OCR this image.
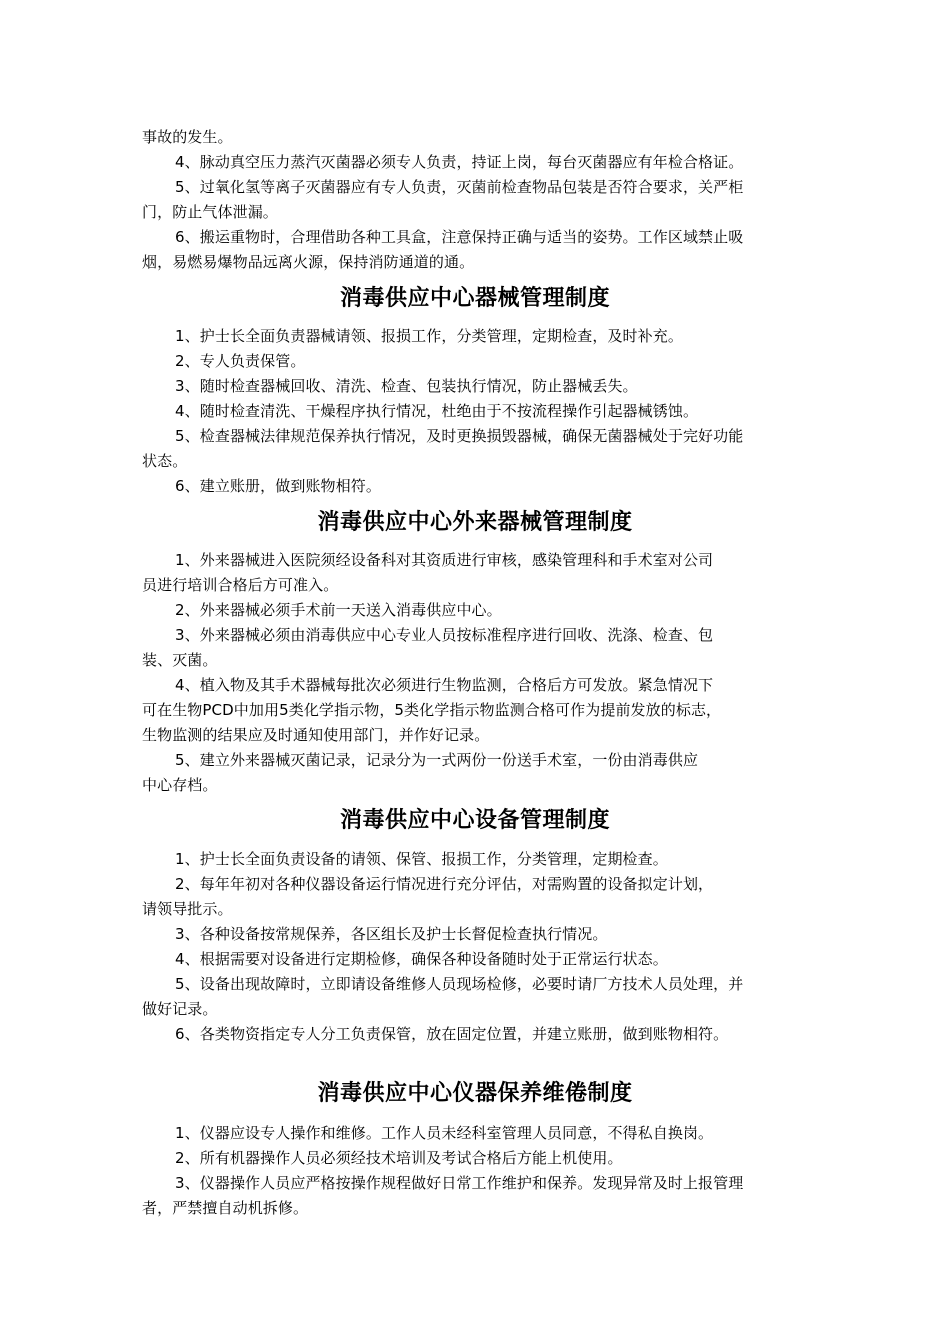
事故的发生。
4、脉动真空压力蒸汽灭菌器必须专人负责，持证上岗，每台灭菌器应有年检合格证。
5、过氧化氢等离子灭菌器应有专人负责，灭菌前检查物品包装是否符合要求，关严柜
门，防止气体泄漏。
6、搬运重物时，合理借助各种工具盒，注意保持正确与适当的姿势。工作区域禁止吸
烟，易燃易爆物品远离火源，保持消防通道的通。
消毒供应中心器械管理制度
1、护士长全面负责器械请领、报损工作，分类管理，定期检查，及时补充。
2、专人负责保管。
3、随时检查器械回收、清洗、检查、包装执行情况，防止器械丢失。
4、随时检查清洗、干燥程序执行情况，杜绝由于不按流程操作引起器械锈蚀。
5、检查器械法律规范保养执行情况，及时更换损毁器械，确保无菌器械处于完好功能
状态。
6、建立账册，做到账物相符。
消毒供应中心外来器械管理制度
1、外来器械进入医院须经设备科对其资质进行审核，感染管理科和手术室对公司
员进行培训合格后方可准入。
2、外来器械必须手术前一天送入消毒供应中心。
3、外来器械必须由消毒供应中心专业人员按标准程序进行回收、洗涤、检查、包
装、灭菌。
4、植入物及其手术器械每批次必须进行生物监测，合格后方可发放。紧急情况下
可在生物PCD中加用5类化学指示物，5类化学指示物监测合格可作为提前发放的标志，
生物监测的结果应及时通知使用部门，并作好记录。
5、建立外来器械灭菌记录，记录分为一式两份一份送手术室，一份由消毒供应
中心存档。
消毒供应中心设备管理制度
1、护士长全面负责设备的请领、保管、报损工作，分类管理，定期检查。
2、每年年初对各种仪器设备运行情况进行充分评估，对需购置的设备拟定计划，
请领导批示。
3、各种设备按常规保养，各区组长及护士长督促检查执行情况。
4、根据需要对设备进行定期检修，确保各种设备随时处于正常运行状态。
5、设备出现故障时，立即请设备维修人员现场检修，必要时请厂方技术人员处理，并
做好记录。
6、各类物资指定专人分工负责保管，放在固定位置，并建立账册，做到账物相符。
消毒供应中心仪器保养维倦制度
1、仪器应设专人操作和维修。工作人员未经科室管理人员同意，不得私自换岗。
2、所有机器操作人员必须经技术培训及考试合格后方能上机使用。
3、仪器操作人员应严格按操作规程做好日常工作维护和保养。发现异常及时上报管理
者，严禁擅自动机拆修。
